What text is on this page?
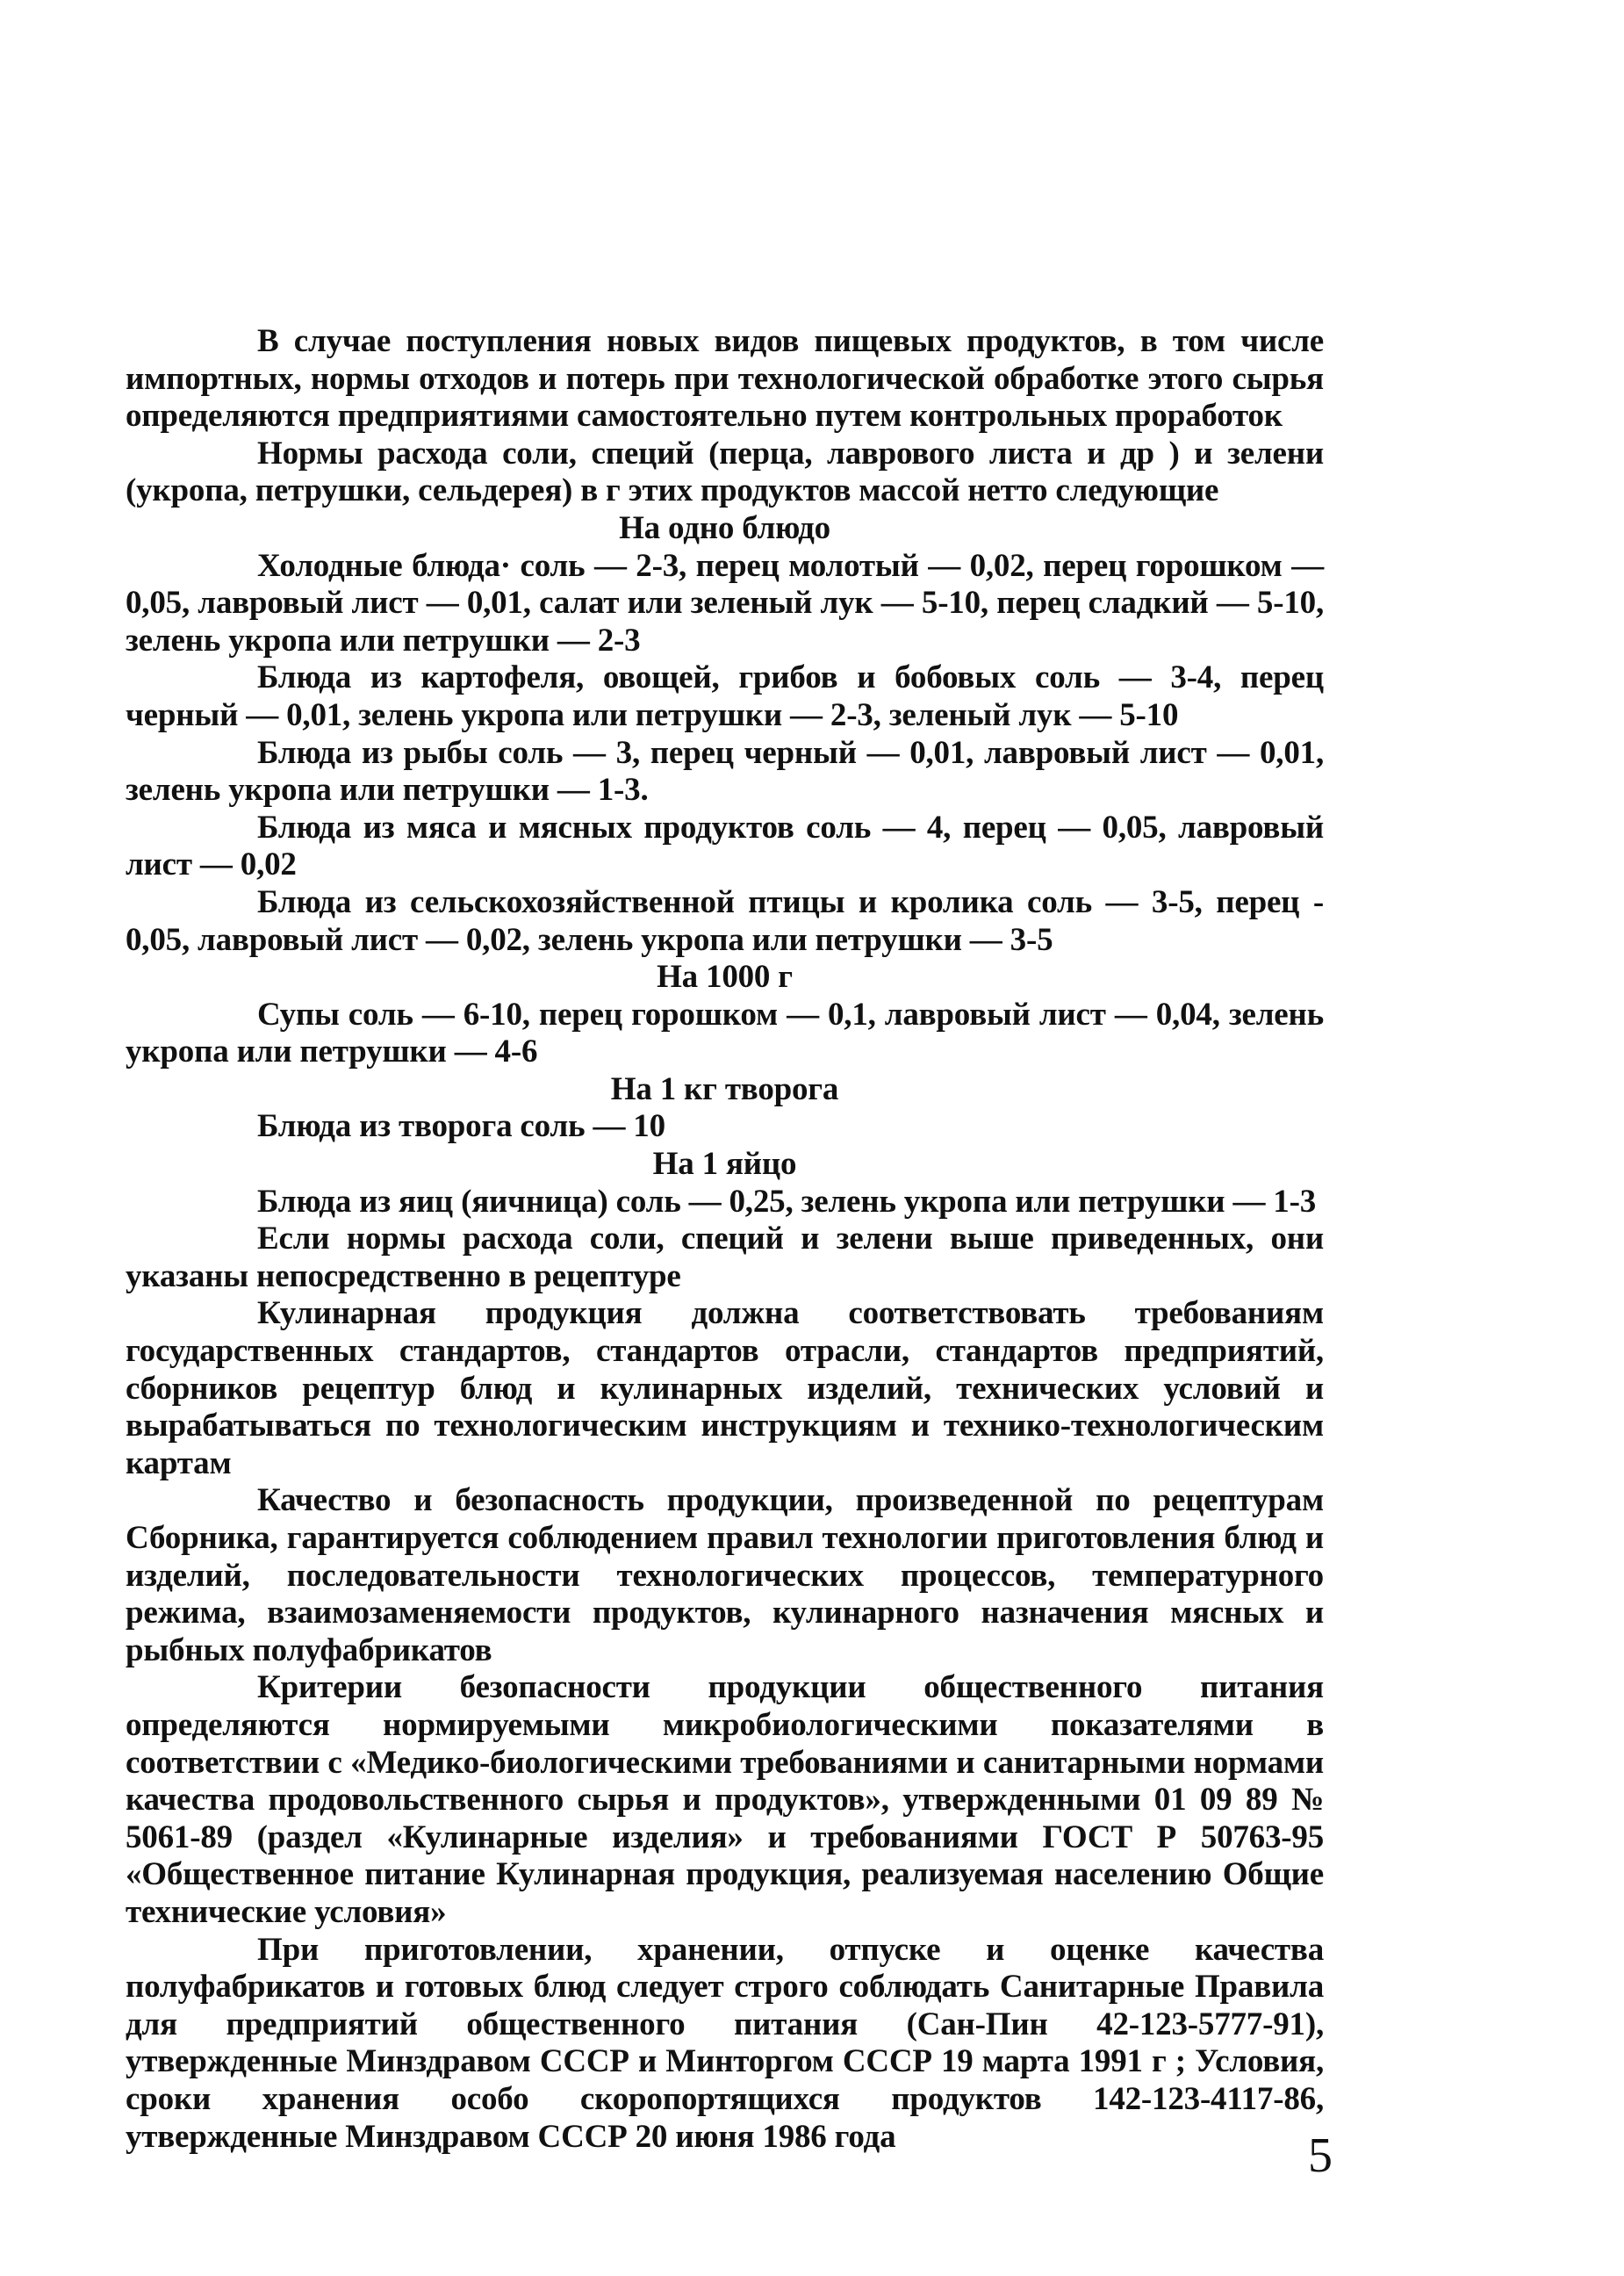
В случае поступления новых видов пищевых продуктов, в том числе импортных, нормы отходов и потерь при технологической обработке этого сырья определяются предприятиями самостоятельно путем контрольных проработок

Нормы расхода соли, специй (перца, лаврового листа и др ) и зелени (укропа, петрушки, сельдерея) в г этих продуктов массой нетто следующие

На одно блюдо

Холодные блюда· соль — 2-3, перец молотый — 0,02, перец горошком — 0,05, лавровый лист — 0,01, салат или зеленый лук — 5-10, перец сладкий — 5-10, зелень укропа или петрушки — 2-3

Блюда из картофеля, овощей, грибов и бобовых соль — 3-4, перец черный — 0,01, зелень укропа или петрушки — 2-3, зеленый лук — 5-10

Блюда из рыбы соль — 3, перец черный — 0,01, лавровый лист — 0,01, зелень укропа или петрушки — 1-3.

Блюда из мяса и мясных продуктов соль — 4, перец — 0,05, лавровый лист — 0,02

Блюда из сельскохозяйственной птицы и кролика соль — 3-5, перец - 0,05, лавровый лист — 0,02, зелень укропа или петрушки — 3-5

На 1000 г

Супы соль — 6-10, перец горошком — 0,1, лавровый лист — 0,04, зелень укропа или петрушки — 4-6

На 1 кг творога

Блюда из творога соль — 10

На 1 яйцо

Блюда из яиц (яичница) соль — 0,25, зелень укропа или петрушки — 1-3

Если нормы расхода соли, специй и зелени выше приведенных, они указаны непосредственно в рецептуре

Кулинарная продукция должна соответствовать требованиям государственных стандартов, стандартов отрасли, стандартов предприятий, сборников рецептур блюд и кулинарных изделий, технических условий и вырабатываться по технологическим инструкциям и технико-технологическим картам

Качество и безопасность продукции, произведенной по рецептурам Сборника, гарантируется соблюдением правил технологии приготовления блюд и изделий, последовательности технологических процессов, температурного режима, взаимозаменяемости продуктов, кулинарного назначения мясных и рыбных полуфабрикатов

Критерии безопасности продукции общественного питания определяются нормируемыми микробиологическими показателями в соответствии с «Медико-биологическими требованиями и санитарными нормами качества продовольственного сырья и продуктов», утвержденными 01 09 89 № 5061-89 (раздел «Кулинарные изделия» и требованиями ГОСТ Р 50763-95 «Общественное питание Кулинарная продукция, реализуемая населению Общие технические условия»

При приготовлении, хранении, отпуске и оценке качества полуфабрикатов и готовых блюд следует строго соблюдать Санитарные Правила для предприятий общественного питания (Сан-Пин 42-123-5777-91), утвержденные Минздравом СССР и Минторгом СССР 19 марта 1991 г ; Условия, сроки хранения особо скоропортящихся продуктов 142-123-4117-86, утвержденные Минздравом СССР 20 июня 1986 года	5
